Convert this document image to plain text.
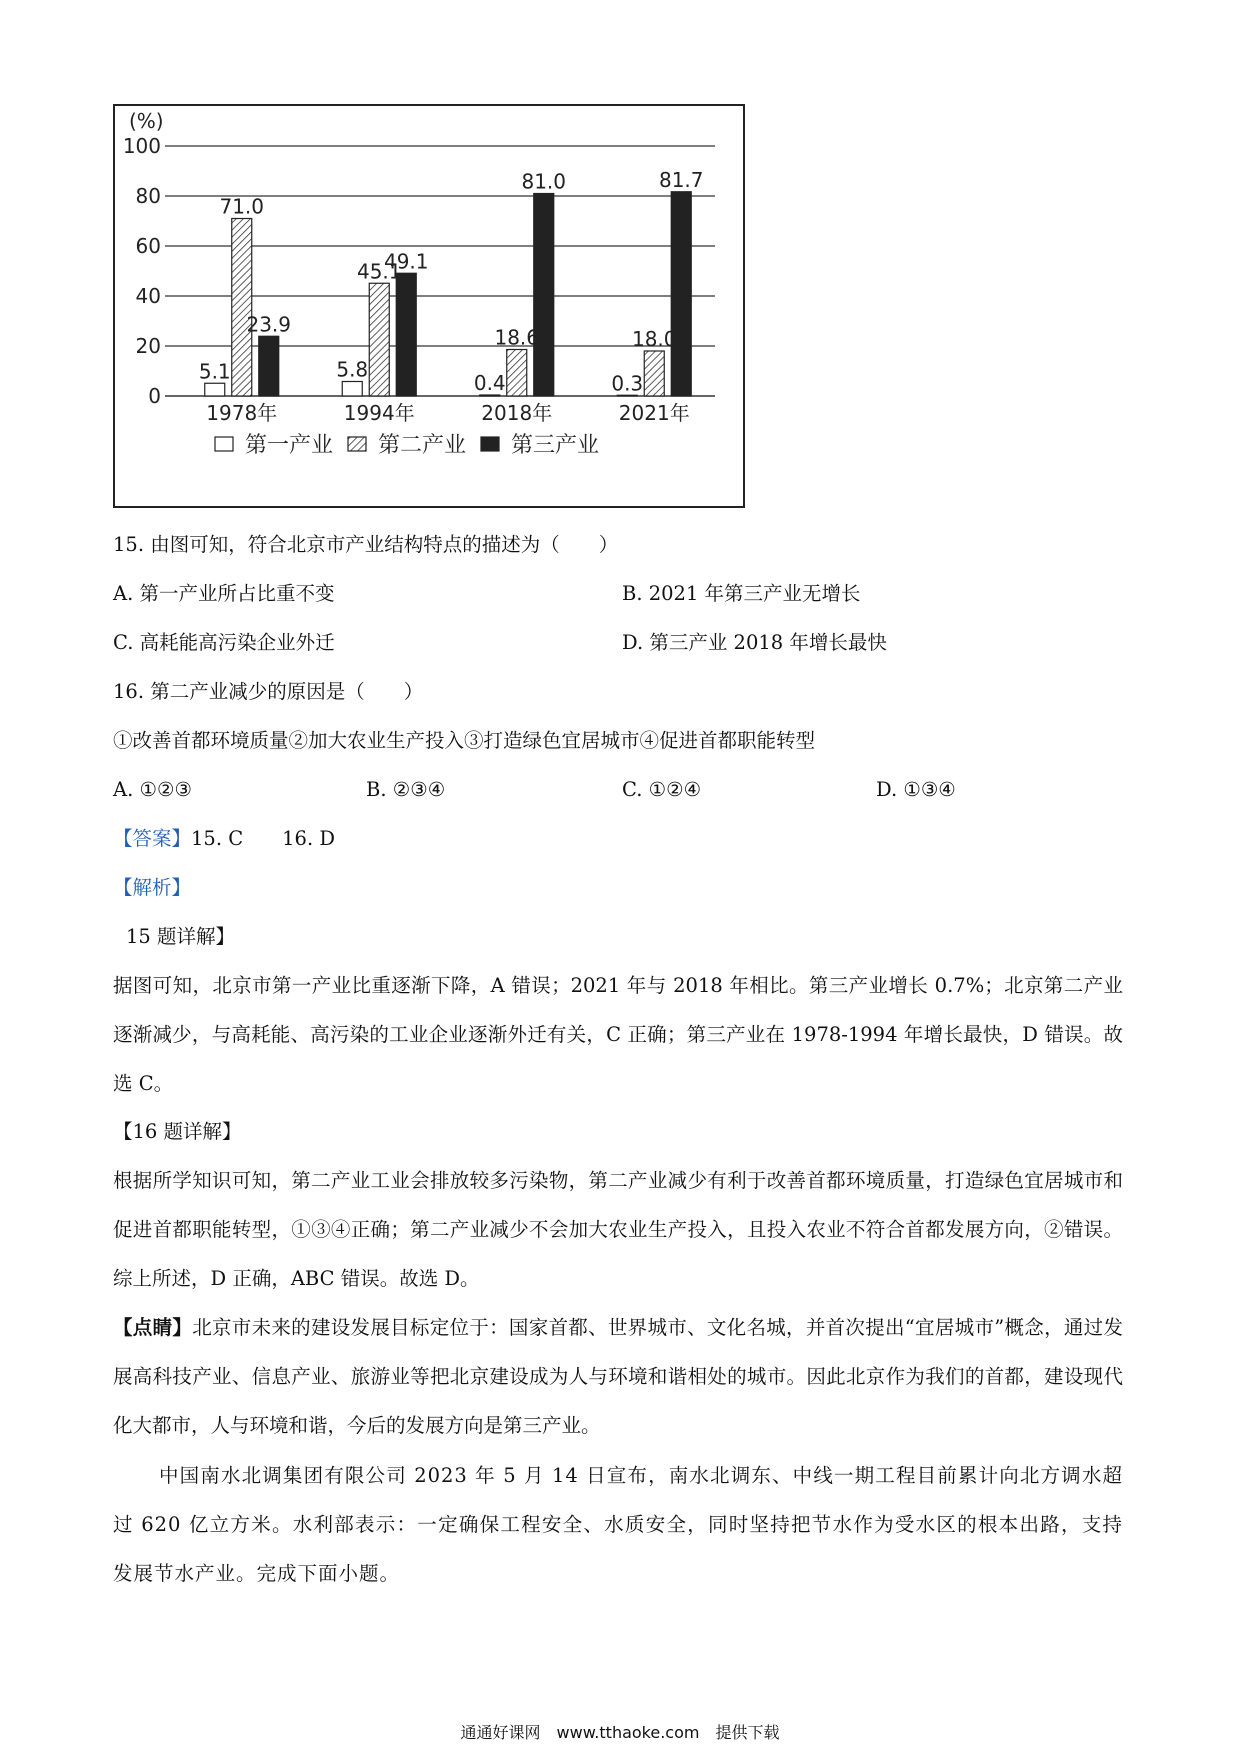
(%)
0
20
40
60
80
100
5.1
71.0
23.9
1978年
5.8
45.1
49.1
1994年
0.4
18.6
81.0
2018年
0.3
18.0
81.7
2021年
第一产业 第二产业 第三产业
15. 由图可知，符合北京市产业结构特点的描述为（　　）
A. 第一产业所占比重不变	B. 2021 年第三产业无增长
C. 高耗能高污染企业外迁	D. 第三产业 2018 年增长最快
16. 第二产业减少的原因是（　　）
①改善首都环境质量②加大农业生产投入③打造绿色宜居城市④促进首都职能转型
A. ①②③	B. ②③④	C. ①②④	D. ①③④
【答案】15. C　　16. D
【解析】
15 题详解】
据图可知，北京市第一产业比重逐渐下降，A 错误；2021 年与 2018 年相比。第三产业增长 0.7%；北京第二产业逐渐减少，与高耗能、高污染的工业企业逐渐外迁有关，C 正确；第三产业在 1978-1994 年增长最快，D 错误。故选 C。
【16 题详解】
根据所学知识可知，第二产业工业会排放较多污染物，第二产业减少有利于改善首都环境质量，打造绿色宜居城市和促进首都职能转型，①③④正确；第二产业减少不会加大农业生产投入，且投入农业不符合首都发展方向，②错误。综上所述，D 正确，ABC 错误。故选 D。
【点睛】北京市未来的建设发展目标定位于：国家首都、世界城市、文化名城，并首次提出“宜居城市”概念，通过发展高科技产业、信息产业、旅游业等把北京建设成为人与环境和谐相处的城市。因此北京作为我们的首都，建设现代化大都市，人与环境和谐，今后的发展方向是第三产业。
中国南水北调集团有限公司 2023 年 5 月 14 日宣布，南水北调东、中线一期工程目前累计向北方调水超过 620 亿立方米。水利部表示：一定确保工程安全、水质安全，同时坚持把节水作为受水区的根本出路，支持发展节水产业。完成下面小题。
通通好课网　www.tthaoke.com　提供下载
